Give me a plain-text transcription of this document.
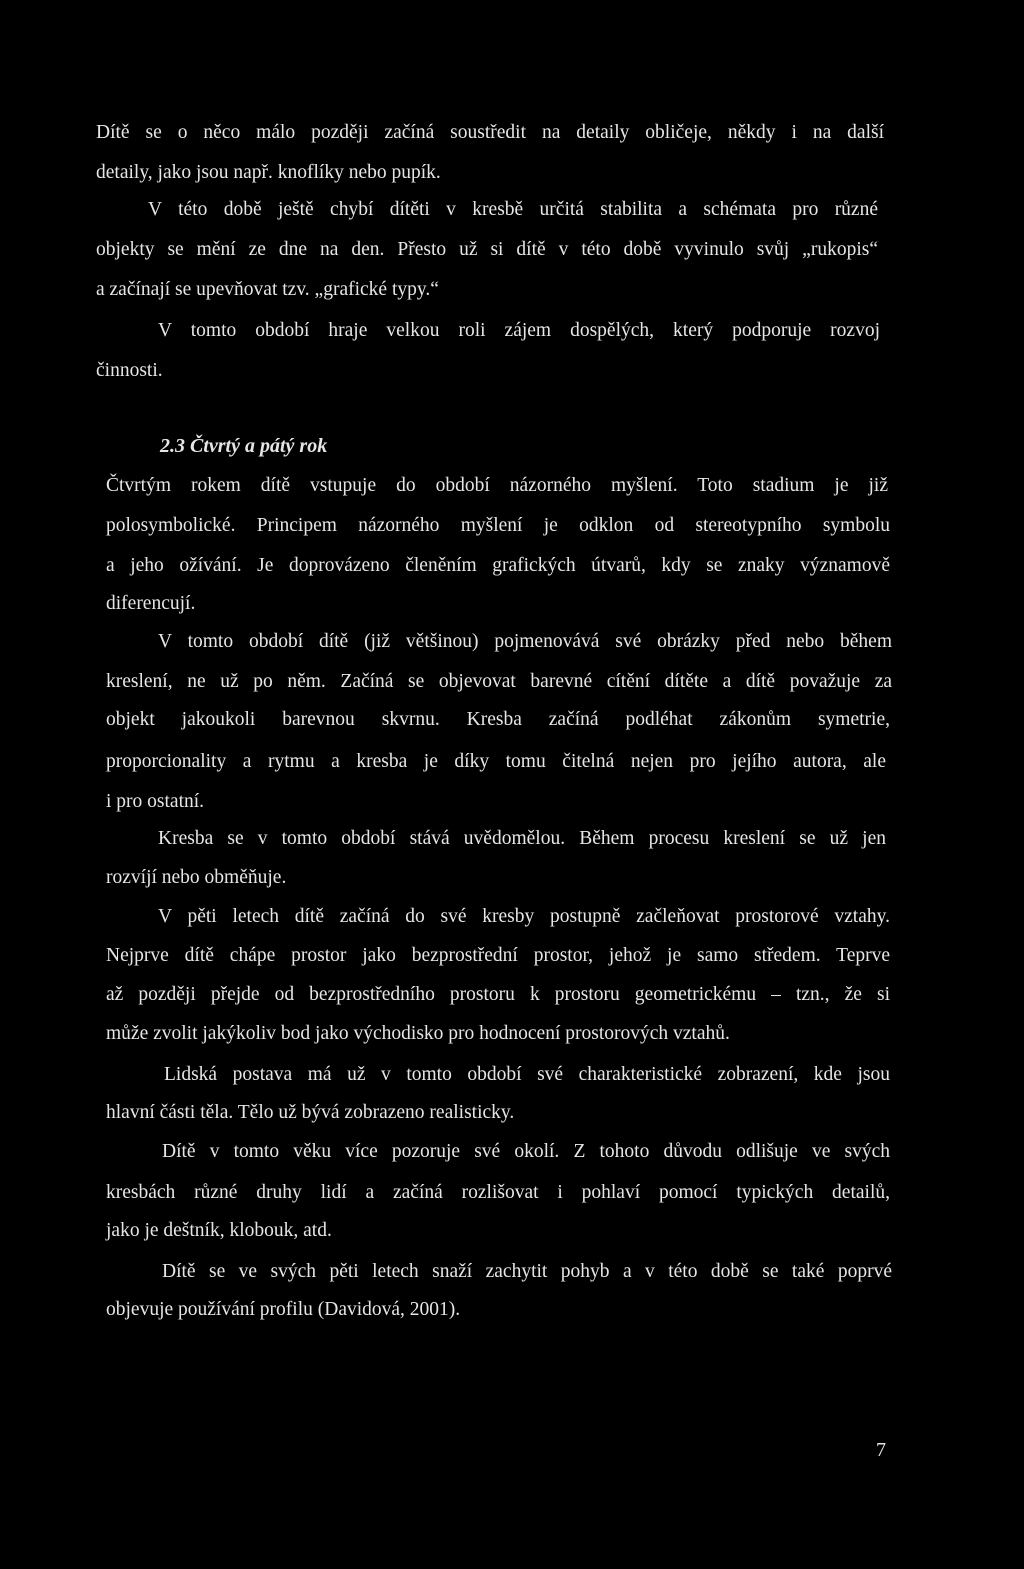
Dítě se o něco málo později začíná soustředit na detaily obličeje, někdy i na další

detaily, jako jsou např. knoflíky nebo pupík.

V této době ještě chybí dítěti v kresbě určitá stabilita a schémata pro různé

objekty se mění ze dne na den. Přesto už si dítě v této době vyvinulo svůj „rukopis“

a začínají se upevňovat tzv. „grafické typy.“

V tomto období hraje velkou roli zájem dospělých, který podporuje rozvoj

činnosti.

2.3 Čtvrtý a pátý rok

Čtvrtým rokem dítě vstupuje do období názorného myšlení. Toto stadium je již

polosymbolické. Principem názorného myšlení je odklon od stereotypního symbolu

a jeho ožívání. Je doprovázeno členěním grafických útvarů, kdy se znaky významově

diferencují.

V tomto období dítě (již většinou) pojmenovává své obrázky před nebo během

kreslení, ne už po něm. Začíná se objevovat barevné cítění dítěte a dítě považuje za

objekt jakoukoli barevnou skvrnu. Kresba začíná podléhat zákonům symetrie,

proporcionality a rytmu a kresba je díky tomu čitelná nejen pro jejího autora, ale

i pro ostatní.

Kresba se v tomto období stává uvědomělou. Během procesu kreslení se už jen

rozvíjí nebo obměňuje.

V pěti letech dítě začíná do své kresby postupně začleňovat prostorové vztahy.

Nejprve dítě chápe prostor jako bezprostřední prostor, jehož je samo středem. Teprve

až později přejde od bezprostředního prostoru k prostoru geometrickému – tzn., že si

může zvolit jakýkoliv bod jako východisko pro hodnocení prostorových vztahů.

Lidská postava má už v tomto období své charakteristické zobrazení, kde jsou

hlavní části těla. Tělo už bývá zobrazeno realisticky.

Dítě v tomto věku více pozoruje své okolí. Z tohoto důvodu odlišuje ve svých

kresbách různé druhy lidí a začíná rozlišovat i pohlaví pomocí typických detailů,

jako je deštník, klobouk, atd.

Dítě se ve svých pěti letech snaží zachytit pohyb a v této době se také poprvé

objevuje používání profilu (Davidová, 2001).

7
